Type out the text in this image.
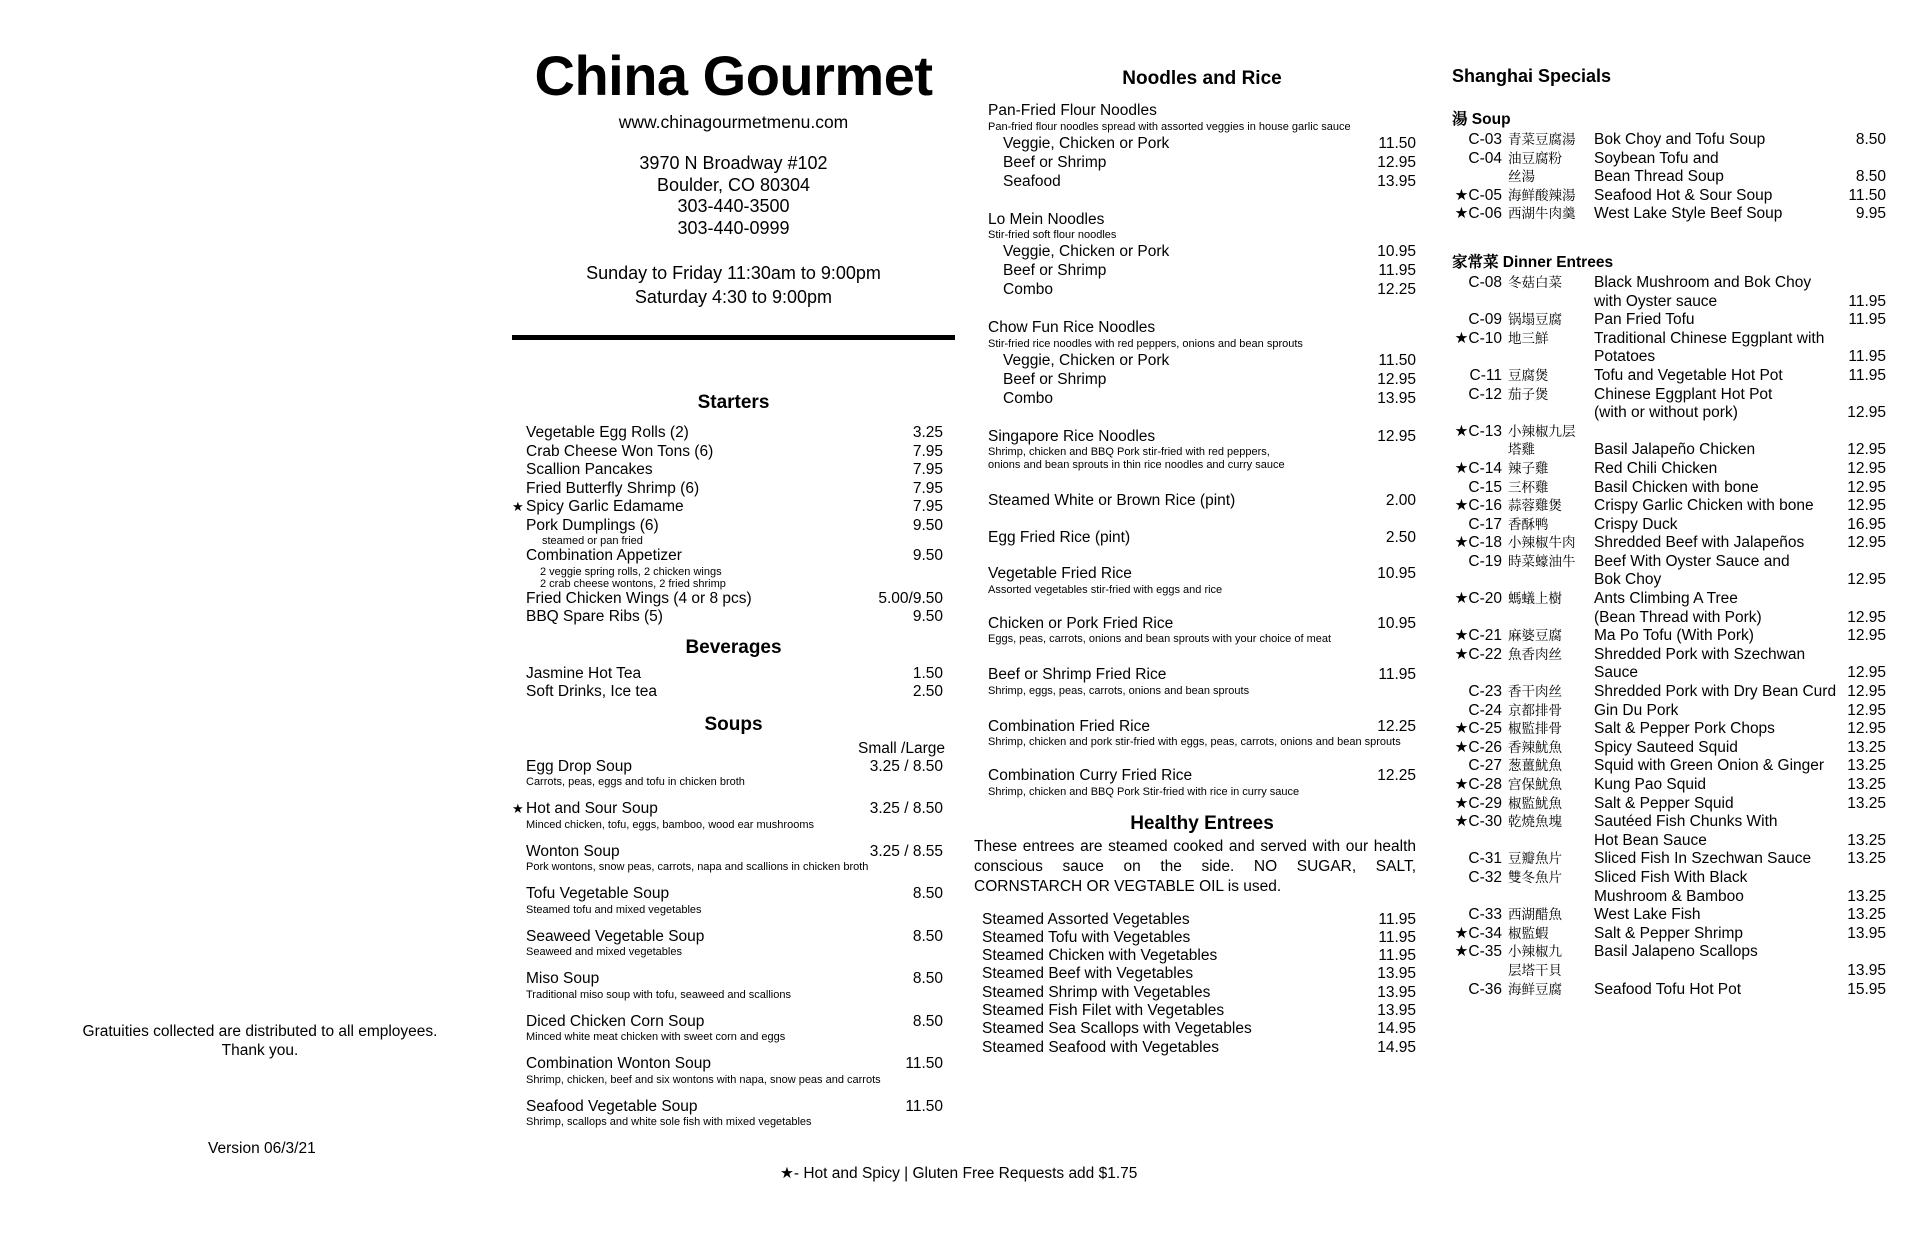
Gratuities collected are distributed to all employees.
Thank you.
Version 06/3/21
China Gourmet
www.chinagourmetmenu.com
3970 N Broadway #102
Boulder, CO 80304
303-440-3500
303-440-0999
Sunday to Friday 11:30am to 9:00pm
Saturday 4:30 to 9:00pm
Starters
Vegetable Egg Rolls (2)	3.25
Crab Cheese Won Tons (6)	7.95
Scallion Pancakes	7.95
Fried Butterfly Shrimp (6)	7.95
★ Spicy Garlic Edamame	7.95
Pork Dumplings (6)	9.50
steamed or pan fried
Combination Appetizer	9.50
2 veggie spring rolls, 2 chicken wings
2 crab cheese wontons, 2 fried shrimp
Fried Chicken Wings (4 or 8 pcs)	5.00/9.50
BBQ Spare Ribs (5)	9.50
Beverages
Jasmine Hot Tea	1.50
Soft Drinks, Ice tea	2.50
Soups
Small /Large
Egg Drop Soup	3.25 / 8.50
Carrots, peas, eggs and tofu in chicken broth
★ Hot and Sour Soup	3.25 / 8.50
Minced chicken, tofu, eggs, bamboo, wood ear mushrooms
Wonton Soup	3.25 / 8.55
Pork wontons, snow peas, carrots, napa and scallions in chicken broth
Tofu Vegetable Soup	8.50
Steamed tofu and mixed vegetables
Seaweed Vegetable Soup	8.50
Seaweed and mixed vegetables
Miso Soup	8.50
Traditional miso soup with tofu, seaweed and scallions
Diced Chicken Corn Soup	8.50
Minced white meat chicken with sweet corn and eggs
Combination Wonton Soup	11.50
Shrimp, chicken, beef and six wontons with napa, snow peas and carrots
Seafood Vegetable Soup	11.50
Shrimp, scallops and white sole fish with mixed vegetables
Noodles and Rice
Pan-Fried Flour Noodles
Pan-fried flour noodles spread with assorted veggies in house garlic sauce
Veggie, Chicken or Pork	11.50
Beef or Shrimp	12.95
Seafood	13.95
Lo Mein Noodles
Stir-fried soft flour noodles
Veggie, Chicken or Pork	10.95
Beef or Shrimp	11.95
Combo	12.25
Chow Fun Rice Noodles
Stir-fried rice noodles with red peppers, onions and bean sprouts
Veggie, Chicken or Pork	11.50
Beef or Shrimp	12.95
Combo	13.95
Singapore Rice Noodles	12.95
Shrimp, chicken and BBQ Pork stir-fried with red peppers,
onions and bean sprouts in thin rice noodles and curry sauce
Steamed White or Brown Rice (pint)	2.00
Egg Fried Rice (pint)	2.50
Vegetable Fried Rice	10.95
Assorted vegetables stir-fried with eggs and rice
Chicken or Pork Fried Rice	10.95
Eggs, peas, carrots, onions and bean sprouts with your choice of meat
Beef or Shrimp Fried Rice	11.95
Shrimp, eggs, peas, carrots, onions and bean sprouts
Combination Fried Rice	12.25
Shrimp, chicken and pork stir-fried with eggs, peas, carrots, onions and bean sprouts
Combination Curry Fried Rice	12.25
Shrimp, chicken and BBQ Pork Stir-fried with rice in curry sauce
Healthy Entrees
These entrees are steamed cooked and served with our health conscious sauce on the side. NO SUGAR, SALT, CORNSTARCH OR VEGTABLE OIL is used.
Steamed Assorted Vegetables	11.95
Steamed Tofu with Vegetables	11.95
Steamed Chicken with Vegetables	11.95
Steamed Beef with Vegetables	13.95
Steamed Shrimp with Vegetables	13.95
Steamed Fish Filet with Vegetables	13.95
Steamed Sea Scallops with Vegetables	14.95
Steamed Seafood with Vegetables	14.95
Shanghai Specials
湯 Soup
C-03 青菜豆腐湯 Bok Choy and Tofu Soup	8.50
C-04 油豆腐粉 Soybean Tofu and
丝湯	Bean Thread Soup	8.50
★C-05 海鲜酸辣湯 Seafood Hot & Sour Soup	11.50
★C-06 西湖牛肉羹 West Lake Style Beef Soup	9.95
家常菜 Dinner Entrees
C-08 冬菇白菜 Black Mushroom and Bok Choy
with Oyster sauce	11.95
C-09 锅塌豆腐 Pan Fried Tofu	11.95
★C-10 地三鮮	Traditional Chinese Eggplant with
Potatoes	11.95
C-11 豆腐煲	Tofu and Vegetable Hot Pot	11.95
C-12 茄子煲	Chinese Eggplant Hot Pot
(with or without pork)	12.95
★C-13 小辣椒九层
塔雞	Basil Jalapeño Chicken	12.95
★C-14 辣子雞	Red Chili Chicken	12.95
C-15 三杯雞	Basil Chicken with bone	12.95
★C-16 蒜蓉雞煲 Crispy Garlic Chicken with bone 12.95
C-17 香酥鸭	Crispy Duck	16.95
★C-18 小辣椒牛肉 Shredded Beef with Jalapeños	12.95
C-19 時菜蠔油牛 Beef With Oyster Sauce and
Bok Choy	12.95
★C-20 螞蟻上樹 Ants Climbing A Tree
(Bean Thread with Pork)	12.95
★C-21 麻婆豆腐 Ma Po Tofu (With Pork)	12.95
★C-22 魚香肉丝 Shredded Pork with Szechwan
Sauce	12.95
C-23 香干肉丝 Shredded Pork with Dry Bean Curd 12.95
C-24 京都排骨 Gin Du Pork	12.95
★C-25 椒監排骨 Salt & Pepper Pork Chops	12.95
★C-26 香辣魷魚 Spicy Sauteed Squid	13.25
C-27 葱薑魷魚 Squid with Green Onion & Ginger 13.25
★C-28 宫保魷魚 Kung Pao Squid	13.25
★C-29 椒監魷魚 Salt & Pepper Squid	13.25
★C-30 乾燒魚塊 Sautéed Fish Chunks With
Hot Bean Sauce	13.25
C-31 豆瓣魚片 Sliced Fish In Szechwan Sauce 13.25
C-32 雙冬魚片 Sliced Fish With Black
Mushroom & Bamboo	13.25
C-33 西湖醋魚 West Lake Fish	13.25
★C-34 椒監蝦	Salt & Pepper Shrimp	13.95
★C-35 小辣椒九 Basil Jalapeno Scallops
层塔干貝	13.95
C-36 海鲜豆腐 Seafood Tofu Hot Pot	15.95
★- Hot and Spicy | Gluten Free Requests add $1.75
